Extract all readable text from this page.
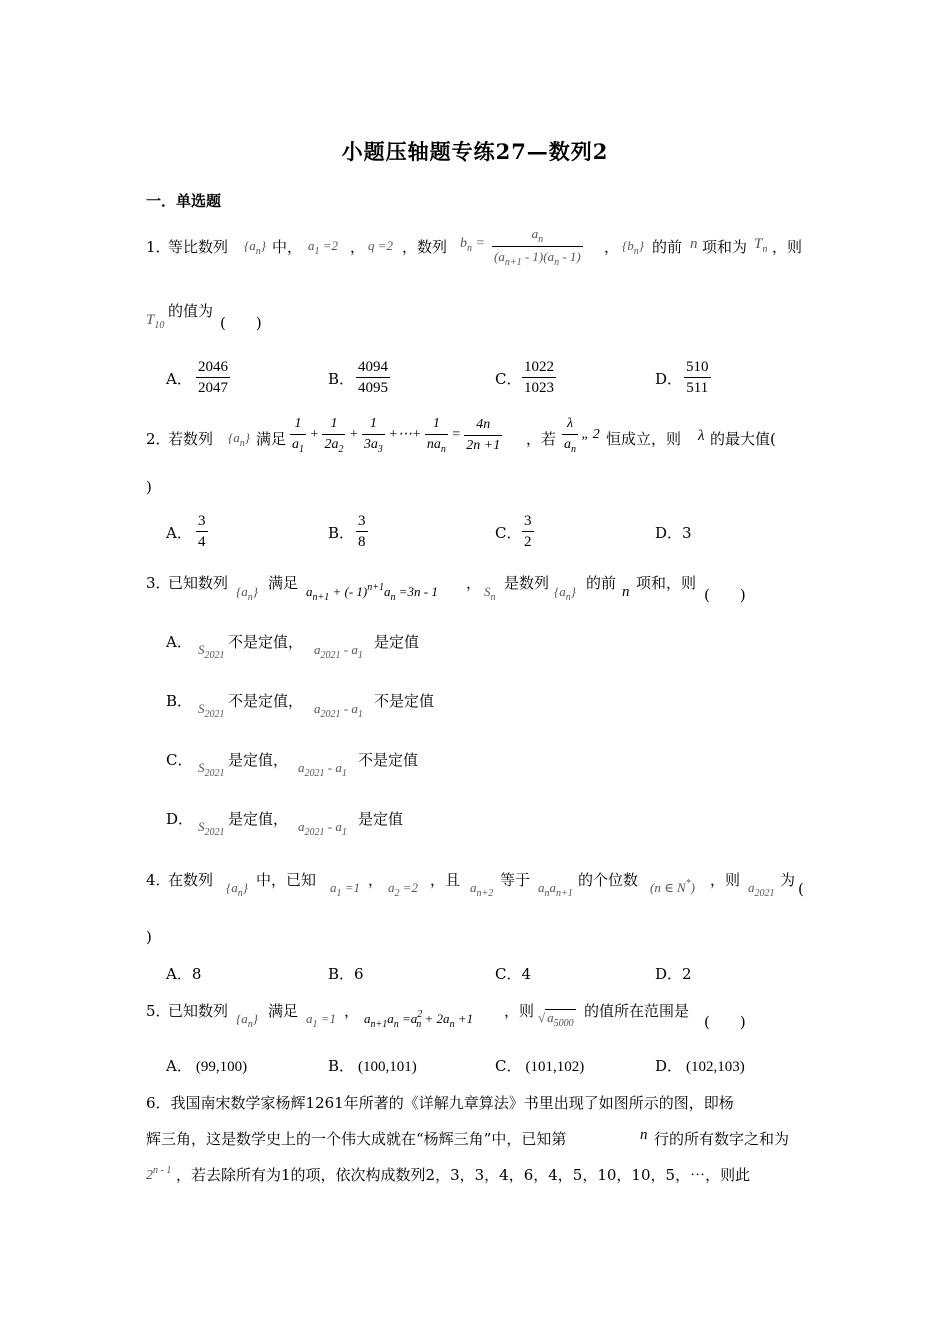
小题压轴题专练27—数列2
一．单选题
1．
等比数列 $\{a_n\}$ 中， $a_1 =2$ ， q =2 ，数列 $b_n = \frac{a_n}{(a_{n+1} - 1)(a_n - 1)}$ ， $\{b_n\}$ 的前 n 项和为 $T_n$ ，则
$T_{10}$
的值为
(　　)
A． $\frac{2046}{2047}$	B． $\frac{4094}{4095}$	C． $\frac{1022}{1023}$	D． $\frac{510}{511}$
2．
若数列 $\{a_n\}$ 满足 $\frac{1}{a_1} + \frac{1}{2a_2} + \frac{1}{3a_3}$ +⋯+ $\frac{1}{na_n} = \frac{4n}{2n +1}$ ，若 $\frac{\lambda}{a_n}$ „ 2 恒成立，则 λ 的最大值(
)
A． $\frac{3}{4}$	B． $\frac{3}{8}$	C． $\frac{3}{2}$	D．3
3．
已知数列 $\{a_n\}$ 满足 $a_{n+1}$ + (- $1)^{n+1}a_n =3n - 1$ ， $S_n$
是数列 $\{a_n\}$ 的前 n 项和，则
(　　)
A． $S_{2021}$
不是定值， $a_{2021} - a_1$
是定值
B． $S_{2021}$
不是定值， $a_{2021} - a_1$
不是定值
C． $S_{2021}$
是定值， $a_{2021} - a_1$
不是定值
D． $S_{2021}$
是定值， $a_{2021} - a_1$
是定值
4．
在数列 $\{a_n\}$ 中，已知 $a_1 =1$ ， $a_2 =2$ ，且 $a_{n+2}$
等于 $a_na_{n+1}$
的个位数 (n ∈ N*) ，则 $a_{2021}$
为 (
)
A．8	B．6	C．4	D．2
5．
已知数列 $\{a_n\}$ 满足 $a_1 =1$ ， $a_{n+1}a_n =a^2_n + 2a_n +1$ ，则 √ $a_{5000}$
的值所在范围是
(　　)
A． (99,100)	B． (100,101)	C． (101,102)	D． (102,103)
6．我国南宋数学家杨辉1261年所著的《详解九章算法》书里出现了如图所示的图，即杨
辉三角，这是数学史上的一个伟大成就在“杨辉三角”中，已知第	n 行的所有数字之和为
2$^{n - 1}$ ，若去除所有为1的项，依次构成数列2，3，3，4，6，4，5，10，10，5，⋯，则此
